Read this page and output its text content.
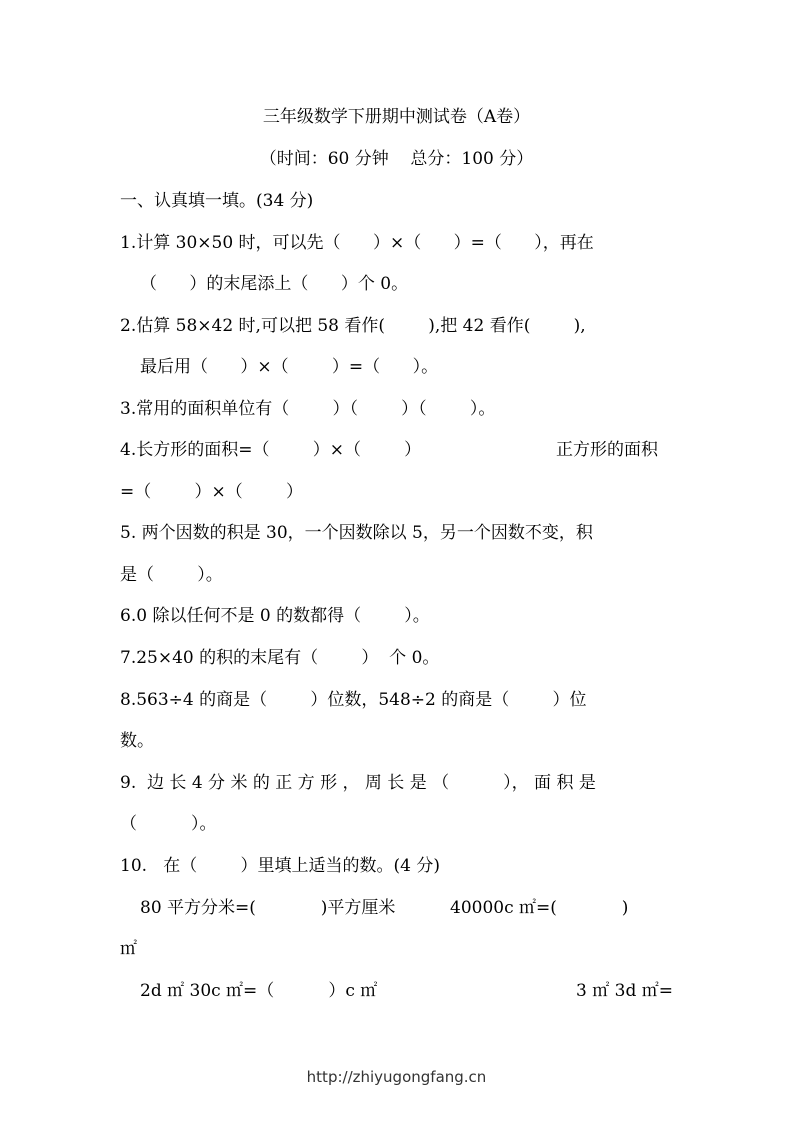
三年级数学下册期中测试卷（A卷）
（时间：60 分钟    总分：100 分）
一、认真填一填。(34 分)
1.计算 30×50 时，可以先（      ）×（      ）=（      ），再在
（      ）的末尾添上（      ）个 0。
2.估算 58×42 时,可以把 58 看作(        ),把 42 看作(        ),
最后用（      ）×（        ）=（      ）。
3.常用的面积单位有（        ）（        ）（        ）。
4.长方形的面积=（        ）×（        ）	正方形的面积
=（        ）×（        ）
5. 两个因数的积是 30，一个因数除以 5，另一个因数不变，积
是（        ）。
6.0 除以任何不是 0 的数都得（        ）。
7.25×40 的积的末尾有（        ）  个 0。
8.563÷4 的商是（        ）位数，548÷2 的商是（        ）位
数。
9.  边 长 4 分 米 的 正 方 形 ， 周 长 是 （          ）， 面 积 是
（          ）。
10.   在（        ）里填上适当的数。(4 分)
80 平方分米=(            )平方厘米	40000c ㎡=(            )
㎡
2d ㎡ 30c ㎡=（          ）c ㎡	3 ㎡ 3d ㎡=
http://zhiyugongfang.cn
